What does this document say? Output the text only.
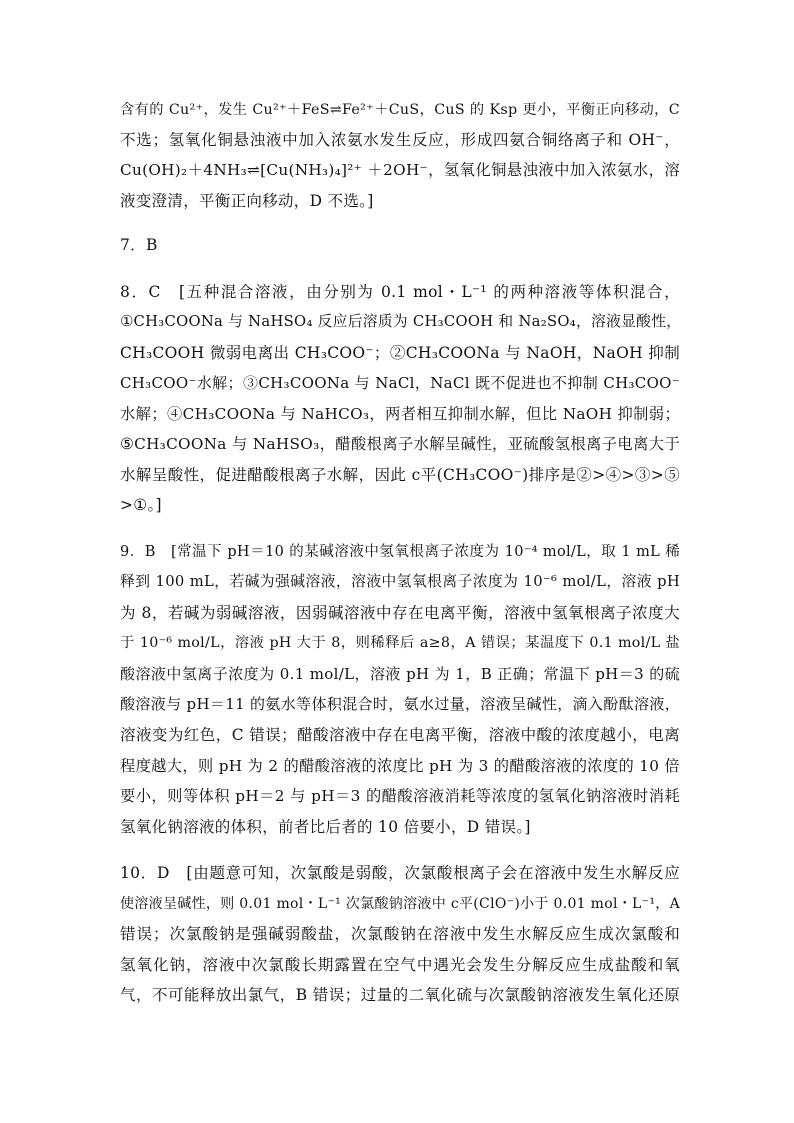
含有的 Cu²⁺，发生 Cu²⁺＋FeS⇌Fe²⁺＋CuS，CuS 的 Ksp 更小，平衡正向移动，C
不选；氢氧化铜悬浊液中加入浓氨水发生反应，形成四氨合铜络离子和 OH⁻，
Cu(OH)₂＋4NH₃⇌[Cu(NH₃)₄]²⁺ ＋2OH⁻，氢氧化铜悬浊液中加入浓氨水，溶
液变澄清，平衡正向移动，D 不选。]
7．B
8．C　[五种混合溶液，由分别为 0.1 mol・L⁻¹ 的两种溶液等体积混合，
①CH₃COONa 与 NaHSO₄ 反应后溶质为 CH₃COOH 和 Na₂SO₄，溶液显酸性，
CH₃COOH 微弱电离出 CH₃COO⁻；②CH₃COONa 与 NaOH，NaOH 抑制
CH₃COO⁻水解；③CH₃COONa 与 NaCl，NaCl 既不促进也不抑制 CH₃COO⁻
水解；④CH₃COONa 与 NaHCO₃，两者相互抑制水解，但比 NaOH 抑制弱；
⑤CH₃COONa 与 NaHSO₃，醋酸根离子水解呈碱性，亚硫酸氢根离子电离大于
水解呈酸性，促进醋酸根离子水解，因此 c平(CH₃COO⁻)排序是②>④>③>⑤
>①。]
9．B　[常温下 pH＝10 的某碱溶液中氢氧根离子浓度为 10⁻⁴ mol/L，取 1 mL 稀
释到 100 mL，若碱为强碱溶液，溶液中氢氧根离子浓度为 10⁻⁶ mol/L，溶液 pH
为 8，若碱为弱碱溶液，因弱碱溶液中存在电离平衡，溶液中氢氧根离子浓度大
于 10⁻⁶ mol/L，溶液 pH 大于 8，则稀释后 a≥8，A 错误；某温度下 0.1 mol/L 盐
酸溶液中氢离子浓度为 0.1 mol/L，溶液 pH 为 1，B 正确；常温下 pH＝3 的硫
酸溶液与 pH＝11 的氨水等体积混合时，氨水过量，溶液呈碱性，滴入酚酞溶液，
溶液变为红色，C 错误；醋酸溶液中存在电离平衡，溶液中酸的浓度越小，电离
程度越大，则 pH 为 2 的醋酸溶液的浓度比 pH 为 3 的醋酸溶液的浓度的 10 倍
要小，则等体积 pH＝2 与 pH＝3 的醋酸溶液消耗等浓度的氢氧化钠溶液时消耗
氢氧化钠溶液的体积，前者比后者的 10 倍要小，D 错误。]
10．D　[由题意可知，次氯酸是弱酸，次氯酸根离子会在溶液中发生水解反应
使溶液呈碱性，则 0.01 mol・L⁻¹ 次氯酸钠溶液中 c平(ClO⁻)小于 0.01 mol・L⁻¹，A
错误；次氯酸钠是强碱弱酸盐，次氯酸钠在溶液中发生水解反应生成次氯酸和
氢氧化钠，溶液中次氯酸长期露置在空气中遇光会发生分解反应生成盐酸和氧
气，不可能释放出氯气，B 错误；过量的二氧化硫与次氯酸钠溶液发生氧化还原
